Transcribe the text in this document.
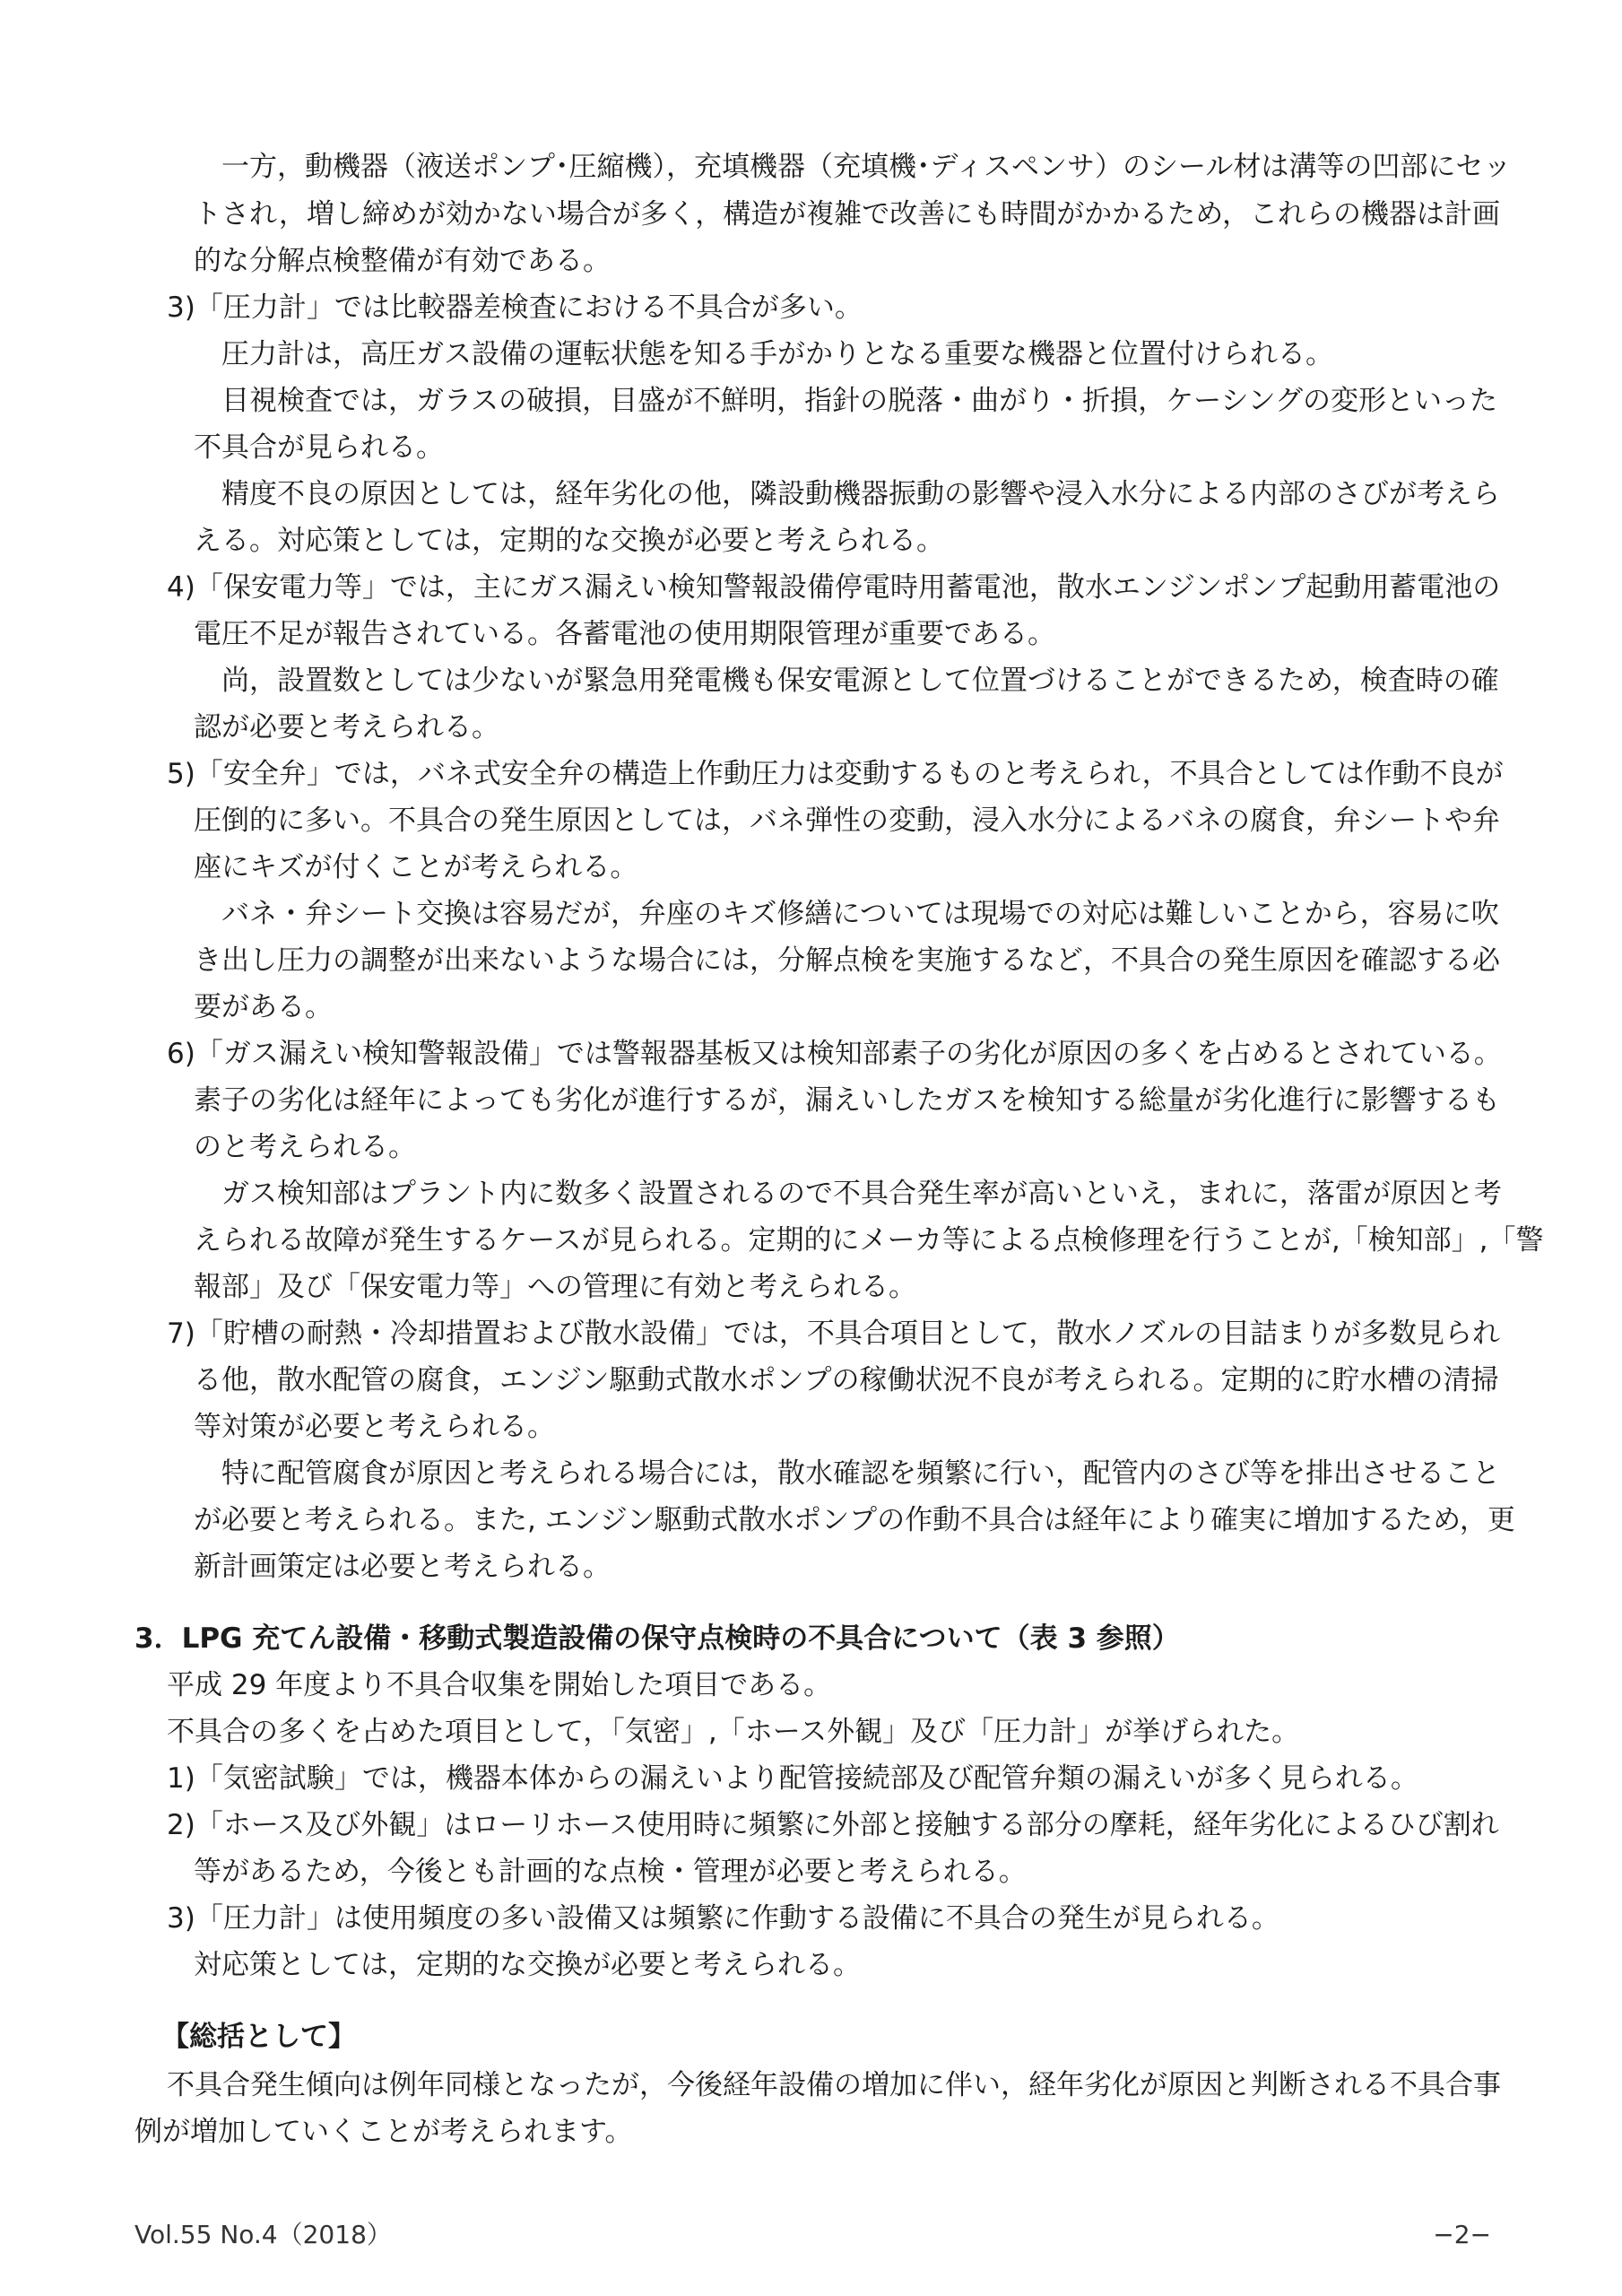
一方，動機器（液送ポンプ･圧縮機），充填機器（充填機･ディスペンサ）のシール材は溝等の凹部にセッ
トされ，増し締めが効かない場合が多く，構造が複雑で改善にも時間がかかるため，これらの機器は計画
的な分解点検整備が有効である。
3)「圧力計」では比較器差検査における不具合が多い。
圧力計は，高圧ガス設備の運転状態を知る手がかりとなる重要な機器と位置付けられる。
目視検査では，ガラスの破損，目盛が不鮮明，指針の脱落・曲がり・折損，ケーシングの変形といった
不具合が見られる。
精度不良の原因としては，経年劣化の他，隣設動機器振動の影響や浸入水分による内部のさびが考えら
える。対応策としては，定期的な交換が必要と考えられる。
4)「保安電力等」では，主にガス漏えい検知警報設備停電時用蓄電池，散水エンジンポンプ起動用蓄電池の
電圧不足が報告されている。各蓄電池の使用期限管理が重要である。
尚，設置数としては少ないが緊急用発電機も保安電源として位置づけることができるため，検査時の確
認が必要と考えられる。
5)「安全弁」では，バネ式安全弁の構造上作動圧力は変動するものと考えられ，不具合としては作動不良が
圧倒的に多い。不具合の発生原因としては，バネ弾性の変動，浸入水分によるバネの腐食，弁シートや弁
座にキズが付くことが考えられる。
バネ・弁シート交換は容易だが，弁座のキズ修繕については現場での対応は難しいことから，容易に吹
き出し圧力の調整が出来ないような場合には，分解点検を実施するなど，不具合の発生原因を確認する必
要がある。
6)「ガス漏えい検知警報設備」では警報器基板又は検知部素子の劣化が原因の多くを占めるとされている。
素子の劣化は経年によっても劣化が進行するが，漏えいしたガスを検知する総量が劣化進行に影響するも
のと考えられる。
ガス検知部はプラント内に数多く設置されるので不具合発生率が高いといえ，まれに，落雷が原因と考
えられる故障が発生するケースが見られる。定期的にメーカ等による点検修理を行うことが,「検知部」,「警
報部」及び「保安電力等」への管理に有効と考えられる。
7)「貯槽の耐熱・冷却措置および散水設備」では，不具合項目として，散水ノズルの目詰まりが多数見られ
る他，散水配管の腐食，エンジン駆動式散水ポンプの稼働状況不良が考えられる。定期的に貯水槽の清掃
等対策が必要と考えられる。
特に配管腐食が原因と考えられる場合には，散水確認を頻繁に行い，配管内のさび等を排出させること
が必要と考えられる。また, エンジン駆動式散水ポンプの作動不具合は経年により確実に増加するため，更
新計画策定は必要と考えられる。
3．LPG 充てん設備・移動式製造設備の保守点検時の不具合について（表 3 参照）
平成 29 年度より不具合収集を開始した項目である。
不具合の多くを占めた項目として，「気密」,「ホース外観」及び「圧力計」が挙げられた。
1)「気密試験」では，機器本体からの漏えいより配管接続部及び配管弁類の漏えいが多く見られる。
2)「ホース及び外観」はローリホース使用時に頻繁に外部と接触する部分の摩耗，経年劣化によるひび割れ
等があるため，今後とも計画的な点検・管理が必要と考えられる。
3)「圧力計」は使用頻度の多い設備又は頻繁に作動する設備に不具合の発生が見られる。
対応策としては，定期的な交換が必要と考えられる。
【総括として】
不具合発生傾向は例年同様となったが，今後経年設備の増加に伴い，経年劣化が原因と判断される不具合事
例が増加していくことが考えられます。
Vol.55 No.4（2018）	−2−
